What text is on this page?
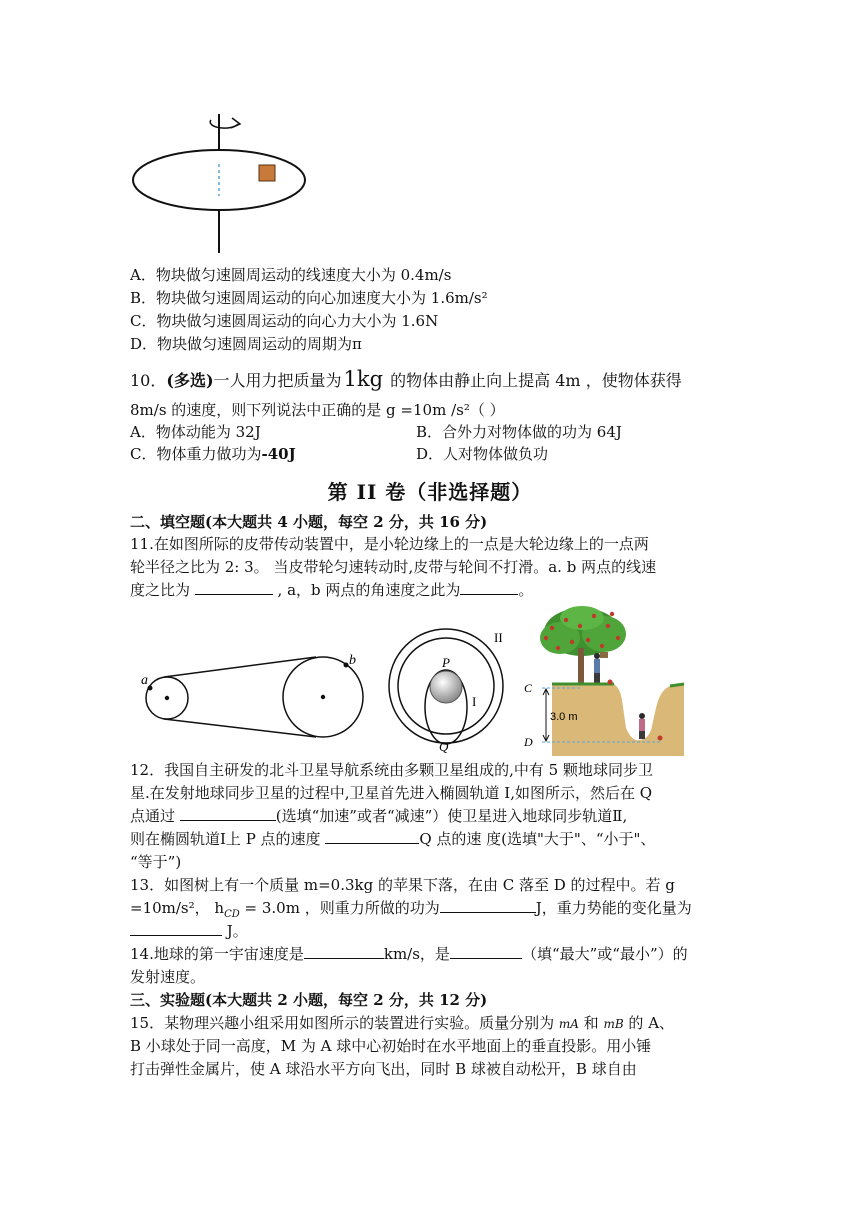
A．物块做匀速圆周运动的线速度大小为 0.4m/s
B．物块做匀速圆周运动的向心加速度大小为 1.6m/s²
C．物块做匀速圆周运动的向心力大小为 1.6N
D．物块做匀速圆周运动的周期为π
10．(多选)一人用力把质量为1kg 的物体由静止向上提高 4m ，使物体获得
8m/s 的速度，则下列说法中正确的是 g =10m /s²（ ）
A．物体动能为 32J	B．合外力对物体做的功为 64J
C．物体重力做功为-40J	D．人对物体做负功
第 II 卷（非选择题）
二、填空题(本大题共 4 小题，每空 2 分，共 16 分)
11.在如图所际的皮带传动装置中，是小轮边缘上的一点是大轮边缘上的一点两
轮半径之比为 2: 3。 当皮带轮匀速转动时,皮带与轮间不打滑。a. b 两点的线速
度之比为	, a，b 两点的角速度之此为	。
a
b	P
Q
I
II
C
D
3.0 m
12．我国自主研发的北斗卫星导航系统由多颗卫星组成的,中有 5 颗地球同步卫
星.在发射地球同步卫星的过程中,卫星首先进入椭圆轨道 I,如图所示，然后在 Q
点通过	(选填“加速”或者“减速”）使卫星进入地球同步轨道Ⅱ,
则在椭圆轨道Ⅰ上 P 点的速度	Q 点的速 度(选填"大于"、“小于"、
“等于”)
13．如图树上有一个质量 m=0.3kg 的苹果下落，在由 C 落至 D 的过程中。若 g
=10m/s²， $h_{CD} = 3.0m$ ，则重力所做的功为	J，重力势能的变化量为
J。
14.地球的第一宇宙速度是	km/s，是	（填“最大”或“最小”）的
发射速度。
三、实验题(本大题共 2 小题，每空 2 分，共 12 分)
15．某物理兴趣小组采用如图所示的装置进行实验。质量分别为 mA 和 mB 的 A、
B 小球处于同一高度，M 为 A 球中心初始时在水平地面上的垂直投影。用小锤
打击弹性金属片，使 A 球沿水平方向飞出，同时 B 球被自动松开，B 球自由
